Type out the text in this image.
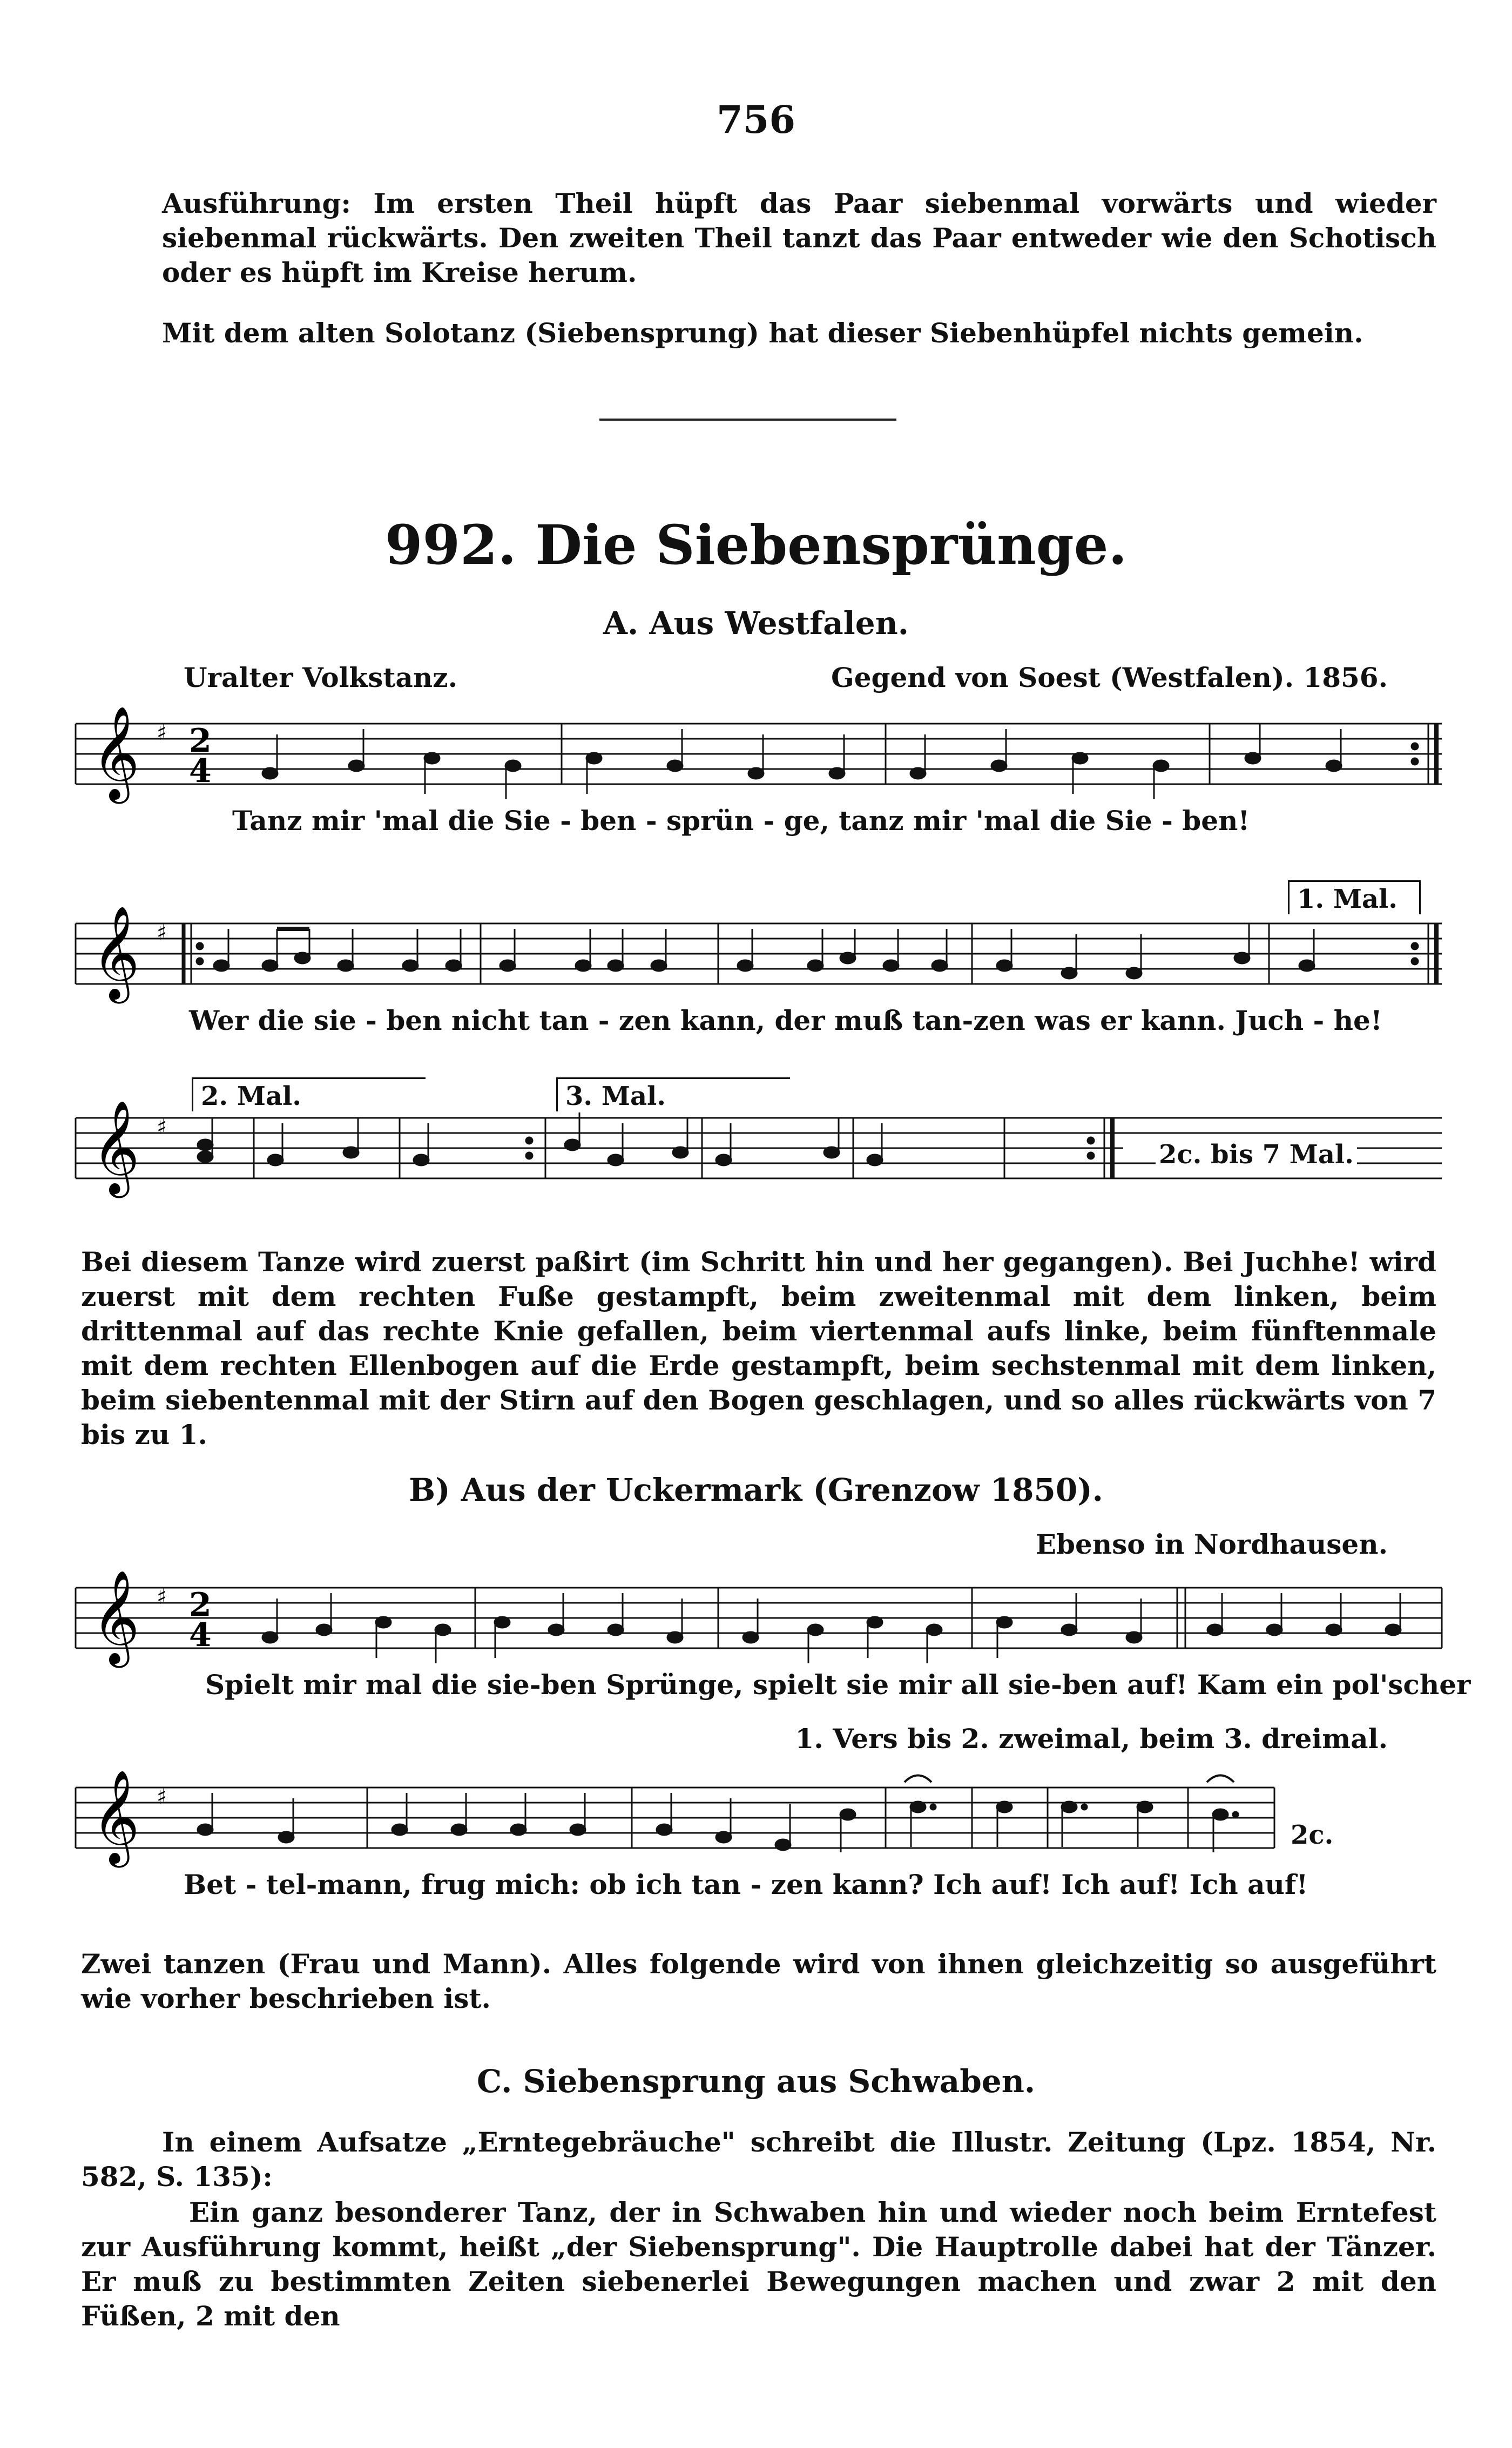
756
Ausführung: Im ersten Theil hüpft das Paar siebenmal vorwärts und wieder siebenmal rückwärts. Den zweiten Theil tanzt das Paar entweder wie den Schotisch oder es hüpft im Kreise herum.
Mit dem alten Solotanz (Siebensprung) hat dieser Siebenhüpfel nichts gemein.
992. Die Siebensprünge.
A. Aus Westfalen.
Uralter Volkstanz.	Gegend von Soest (Westfalen). 1856.
𝄞 ♯ 2
4
Tanz mir 'mal die Sie - ben - sprün - ge, tanz mir 'mal die Sie - ben!
1. Mal.
𝄞 ♯
Wer die sie - ben nicht tan - zen kann, der muß tan-zen was er kann. Juch - he!
2. Mal.	3. Mal.
𝄞 ♯
2c. bis 7 Mal.
Bei diesem Tanze wird zuerst paßirt (im Schritt hin und her gegangen). Bei Juchhe! wird zuerst mit dem rechten Fuße gestampft, beim zweitenmal mit dem linken, beim drittenmal auf das rechte Knie gefallen, beim viertenmal aufs linke, beim fünftenmale mit dem rechten Ellenbogen auf die Erde gestampft, beim sechstenmal mit dem linken, beim siebentenmal mit der Stirn auf den Bogen geschlagen, und so alles rückwärts von 7 bis zu 1.
B) Aus der Uckermark (Grenzow 1850).
Ebenso in Nordhausen.
𝄞 ♯ 2
4
Spielt mir mal die sie-ben Sprünge, spielt sie mir all sie-ben auf! Kam ein pol'scher
1. Vers bis 2. zweimal, beim 3. dreimal.
𝄞 ♯
2c.
Bet - tel-mann, frug mich: ob ich tan - zen kann? Ich auf! Ich auf! Ich auf!
Zwei tanzen (Frau und Mann). Alles folgende wird von ihnen gleichzeitig so ausgeführt wie vorher beschrieben ist.
C. Siebensprung aus Schwaben.
In einem Aufsatze „Erntegebräuche" schreibt die Illustr. Zeitung (Lpz. 1854, Nr. 582, S. 135):
Ein ganz besonderer Tanz, der in Schwaben hin und wieder noch beim Erntefest zur Ausführung kommt, heißt „der Siebensprung". Die Hauptrolle dabei hat der Tänzer. Er muß zu bestimmten Zeiten siebenerlei Bewegungen machen und zwar 2 mit den Füßen, 2 mit den
